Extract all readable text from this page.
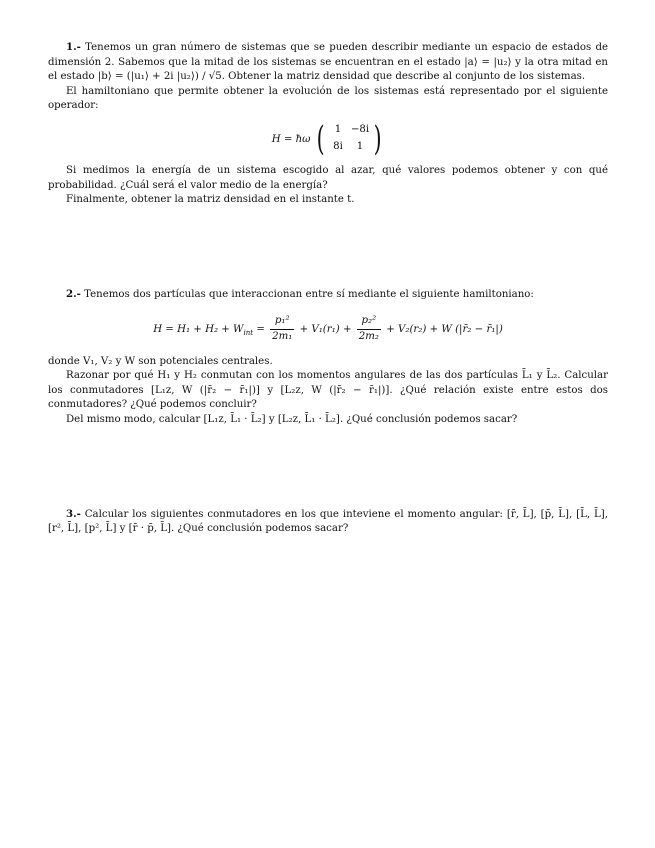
1.- Tenemos un gran número de sistemas que se pueden describir mediante un espacio de estados de dimensión 2. Sabemos que la mitad de los sistemas se encuentran en el estado |a⟩ = |u₂⟩ y la otra mitad en el estado |b⟩ = (|u₁⟩ + 2i |u₂⟩) / √5. Obtener la matriz densidad que describe al conjunto de los sistemas.

El hamiltoniano que permite obtener la evolución de los sistemas está representado por el siguiente operador:

H = ħω (	1 −8i
8i	1 )

Si medimos la energía de un sistema escogido al azar, qué valores podemos obtener y con qué probabilidad. ¿Cuál será el valor medio de la energía?

Finalmente, obtener la matriz densidad en el instante t.

2.- Tenemos dos partículas que interaccionan entre sí mediante el siguiente hamiltoniano:

$H = H_1 + H_2 + W_{int} = \frac{\text{p₁²}}{\text{2m₁}} + V_1(r_1) + \frac{\text{p₂²}}{\text{2m₂}} + V_2(r_2) + W$ (|r̄₂ − r̄₁|)

donde V₁, V₂ y W son potenciales centrales.

Razonar por qué H₁ y H₂ conmutan con los momentos angulares de las dos partículas L̄₁ y L̄₂. Calcular los conmutadores [L₁z, W (|r̄₂ − r̄₁|)] y [L₂z, W (|r̄₂ − r̄₁|)]. ¿Qué relación existe entre estos dos conmutadores? ¿Qué podemos concluir?

Del mismo modo, calcular [L₁z, L̄₁ · L̄₂] y [L₂z, L̄₁ · L̄₂]. ¿Qué conclusión podemos sacar?

3.- Calcular los siguientes conmutadores en los que inteviene el momento angular: [r̄, L̄], [p̄, L̄], [L̄, L̄], [r², L̄], [p², L̄] y [r̄ · p̄, L̄]. ¿Qué conclusión podemos sacar?
